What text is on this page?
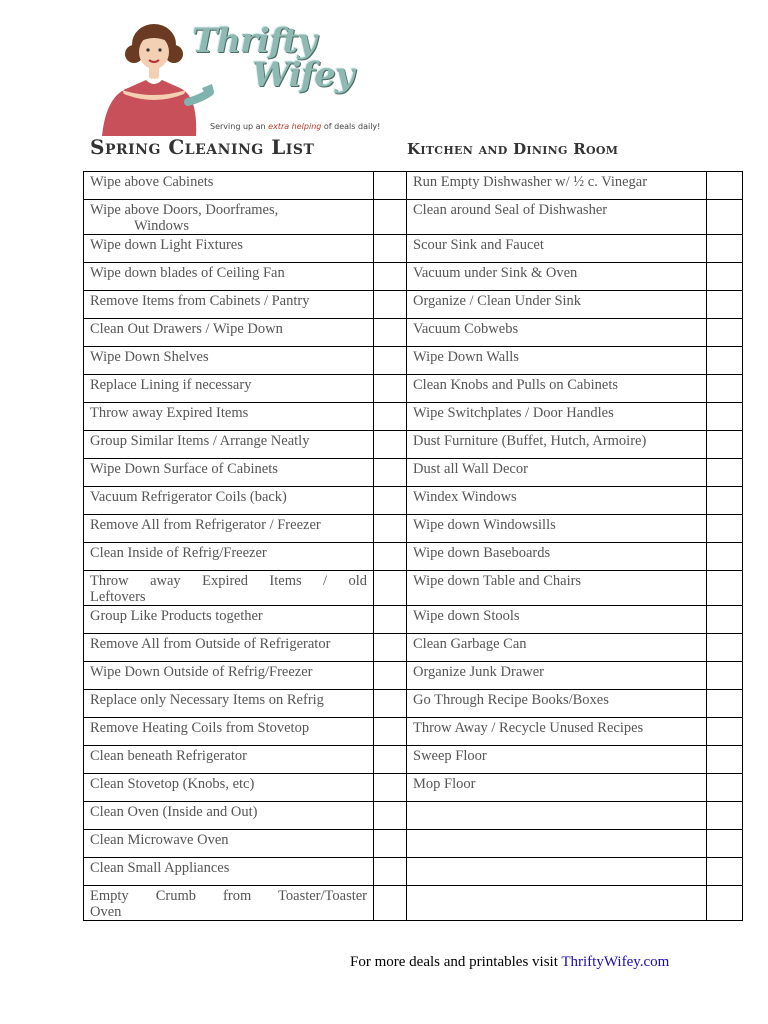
Thrifty
Wifey
Serving up an extra helping of deals daily!
Spring Cleaning List	Kitchen and Dining Room
Wipe above Cabinets		Run Empty Dishwasher w/ ½ c. Vinegar	

Wipe above Doors, Doorframes,
Windows		Clean around Seal of Dishwasher	

Wipe down Light Fixtures		Scour Sink and Faucet	

Wipe down blades of Ceiling Fan		Vacuum under Sink & Oven	

Remove Items from Cabinets / Pantry		Organize / Clean Under Sink	

Clean Out Drawers / Wipe Down		Vacuum Cobwebs	

Wipe Down Shelves		Wipe Down Walls	

Replace Lining if necessary		Clean Knobs and Pulls on Cabinets	

Throw away Expired Items		Wipe Switchplates / Door Handles	

Group Similar Items / Arrange Neatly		Dust Furniture (Buffet, Hutch, Armoire)	

Wipe Down Surface of Cabinets		Dust all Wall Decor	

Vacuum Refrigerator Coils (back)		Windex Windows	

Remove All from Refrigerator / Freezer		Wipe down Windowsills	

Clean Inside of Refrig/Freezer		Wipe down Baseboards	

Throw away Expired Items / old
Leftovers		Wipe down Table and Chairs	

Group Like Products together		Wipe down Stools	

Remove All from Outside of Refrigerator		Clean Garbage Can	

Wipe Down Outside of Refrig/Freezer		Organize Junk Drawer	

Replace only Necessary Items on Refrig		Go Through Recipe Books/Boxes	

Remove Heating Coils from Stovetop		Throw Away / Recycle Unused Recipes	

Clean beneath Refrigerator		Sweep Floor	

Clean Stovetop (Knobs, etc)		Mop Floor	

Clean Oven (Inside and Out)			

Clean Microwave Oven			

Clean Small Appliances			

Empty Crumb from Toaster/Toaster
Oven			

For more deals and printables visit ThriftyWifey.com
